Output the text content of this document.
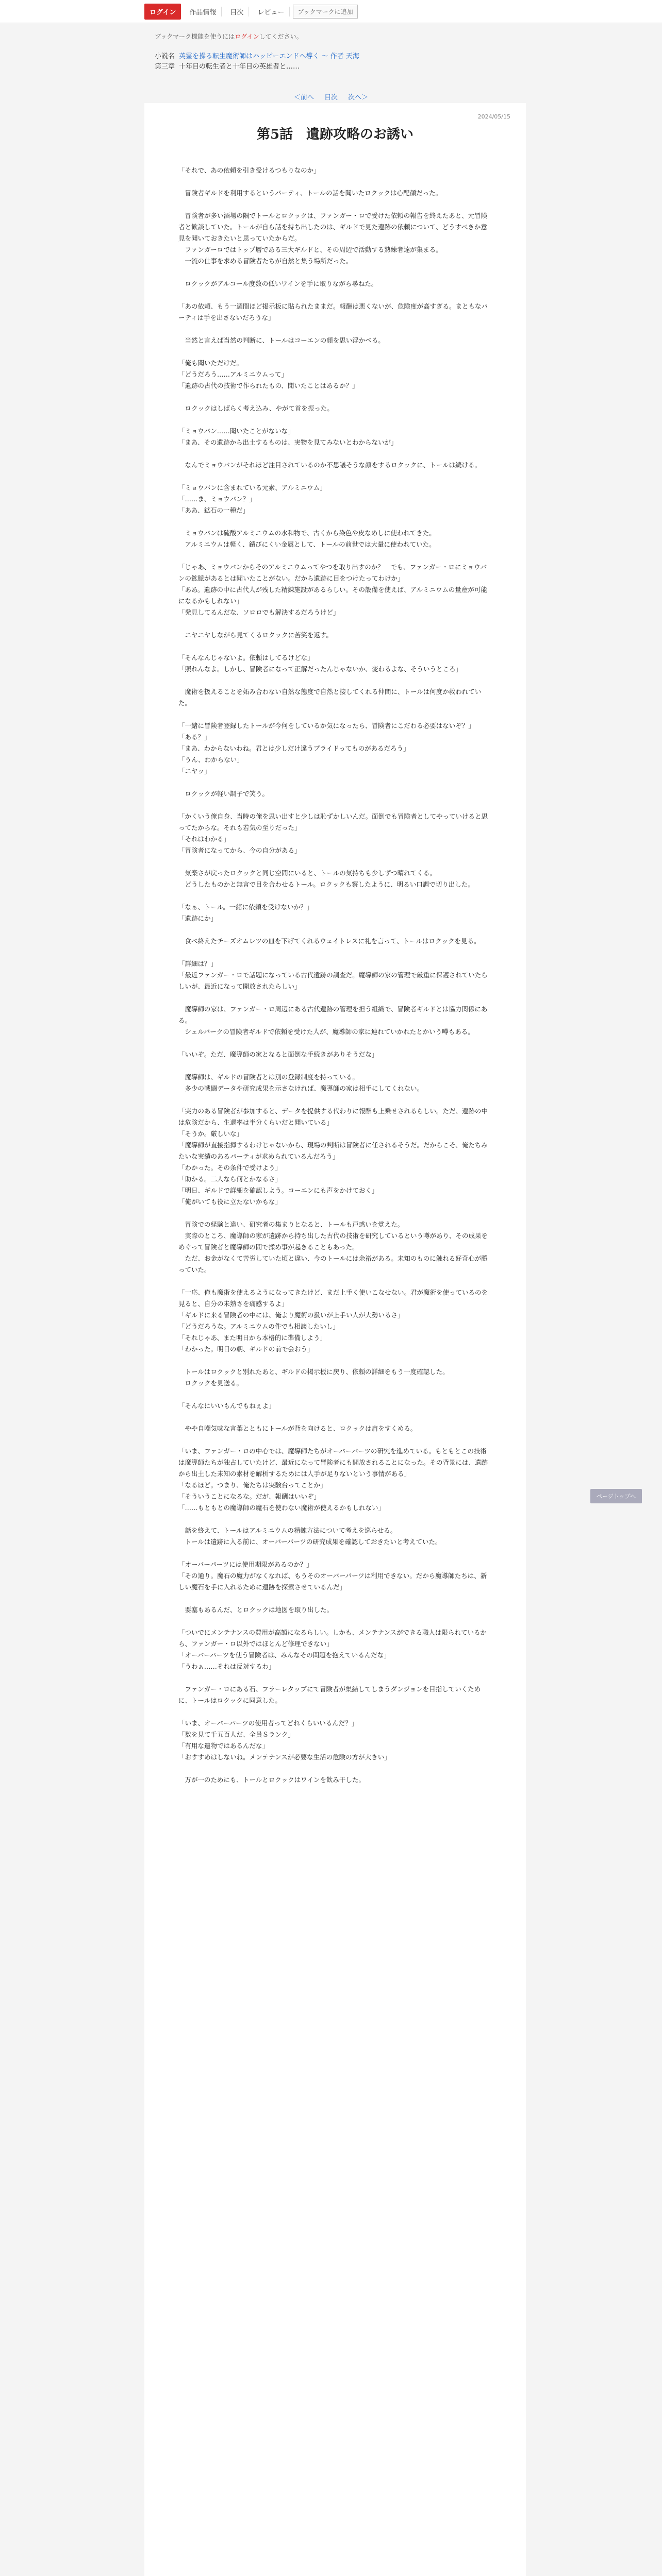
ログイン	作品情報	目次	レビュー	ブックマークに追加
ブックマーク機能を使うにはログインしてください。
小説名 英霊を操る転生魔術師はハッピーエンドへ導く ～ 作者 天海
第三章 十年目の転生者と十年目の英雄者と……
＜前へ 目次 次へ＞
2024/05/15
第5話　遺跡攻略のお誘い

「それで、あの依頼を引き受けるつもりなのか」

　冒険者ギルドを利用するというパーティ、トールの話を聞いたロクックは心配顔だった。

　冒険者が多い酒場の隅でトールとロクックは、ファンガー・ロで受けた依頼の報告を終えたあと、元冒険者と歓談していた。トールが自ら話を持ち出したのは、ギルドで見た遺跡の依頼について、どうすべきか意見を聞いておきたいと思っていたからだ。

　ファンガーロではトップ層である三大ギルドと、その周辺で活動する熟練者達が集まる。

　一流の仕事を求める冒険者たちが自然と集う場所だった。

　ロクックがアルコール度数の低いワインを手に取りながら尋ねた。

「あの依頼、もう一週間ほど掲示板に貼られたままだ。報酬は悪くないが、危険度が高すぎる。まともなパーティは手を出さないだろうな」

　当然と言えば当然の判断に、トールはコーエンの顔を思い浮かべる。

「俺も聞いただけだ。

「どうだろう……アルミニウムって」

「遺跡の古代の技術で作られたもの、聞いたことはあるか？」

　ロクックはしばらく考え込み、やがて首を振った。

「ミョウバン……聞いたことがないな」

「まあ、その遺跡から出土するものは、実物を見てみないとわからないが」

　なんでミョウバンがそれほど注目されているのか不思議そうな顔をするロクックに、トールは続ける。

「ミョウバンに含まれている元素、アルミニウム」

「……ま、ミョウバン？」

「ああ、鉱石の一種だ」

　ミョウバンは硫酸アルミニウムの水和物で、古くから染色や皮なめしに使われてきた。

　アルミニウムは軽く、錆びにくい金属として、トールの前世では大量に使われていた。

「じゃあ、ミョウバンからそのアルミニウムってやつを取り出すのか？　でも、ファンガー・ロにミョウバンの鉱脈があるとは聞いたことがない。だから遺跡に目をつけたってわけか」

「ああ。遺跡の中に古代人が残した精錬施設があるらしい。その設備を使えば、アルミニウムの量産が可能になるかもしれない」

「発見してるんだな、ソロロでも解決するだろうけど」

　ニヤニヤしながら見てくるロクックに苦笑を返す。

「そんなんじゃないよ。依頼はしてるけどな」

「照れんなよ。しかし、冒険者になって正解だったんじゃないか、変わるよな、そういうところ」

　魔術を扱えることを妬み合わない自然な態度で自然と接してくれる仲間に、トールは何度か救われていた。

「一緒に冒険者登録したトールが今何をしているか気になったら、冒険者にこだわる必要はないぞ？」

「ある？」

「まあ、わからないわね。君とは少しだけ違うプライドってものがあるだろう」

「うん、わからない」

「ニヤッ」

　ロクックが軽い調子で笑う。

「かくいう俺自身、当時の俺を思い出すと少しは恥ずかしいんだ。面倒でも冒険者としてやっていけると思ってたからな。それも若気の至りだった」

「それはわかる」

「冒険者になってから、今の自分がある」

　気楽さが戻ったロクックと同じ空間にいると、トールの気持ちも少しずつ晴れてくる。

　どうしたものかと無言で目を合わせるトール。ロクックも察したように、明るい口調で切り出した。

「なぁ、トール。一緒に依頼を受けないか？」

「遺跡にか」

　食べ終えたチーズオムレツの皿を下げてくれるウェイトレスに礼を言って、トールはロクックを見る。

「詳細は？」

「最近ファンガー・ロで話題になっている古代遺跡の調査だ。魔導師の家の管理で厳重に保護されていたらしいが、最近になって開放されたらしい」

　魔導師の家は、ファンガー・ロ周辺にある古代遺跡の管理を担う組織で、冒険者ギルドとは協力関係にある。

　シェルバークの冒険者ギルドで依頼を受けた人が、魔導師の家に連れていかれたとかいう噂もある。

「いいぞ。ただ、魔導師の家となると面倒な手続きがありそうだな」

　魔導師は、ギルドの冒険者とは別の登録制度を持っている。

　多少の戦闘データや研究成果を示さなければ、魔導師の家は相手にしてくれない。

「実力のある冒険者が参加すると、データを提供する代わりに報酬も上乗せされるらしい。ただ、遺跡の中は危険だから、生還率は半分くらいだと聞いている」

「そうか。厳しいな」

「魔導師が直接指揮するわけじゃないから、現場の判断は冒険者に任されるそうだ。だからこそ、俺たちみたいな実績のあるパーティが求められているんだろう」

「わかった。その条件で受けよう」

「助かる。二人なら何とかなるさ」

「明日、ギルドで詳細を確認しよう。コーエンにも声をかけておく」

「俺がいても役に立たないかもな」

　冒険での経験と違い、研究者の集まりとなると、トールも戸惑いを覚えた。

　実際のところ、魔導師の家が遺跡から持ち出した古代の技術を研究しているという噂があり、その成果をめぐって冒険者と魔導師の間で揉め事が起きることもあった。

　ただ、お金がなくて苦労していた頃と違い、今のトールには余裕がある。未知のものに触れる好奇心が勝っていた。

「一応、俺も魔術を使えるようになってきたけど、まだ上手く使いこなせない。君が魔術を使っているのを見ると、自分の未熟さを痛感するよ」

「ギルドに来る冒険者の中には、俺より魔術の扱いが上手い人が大勢いるさ」

「どうだろうな。アルミニウムの件でも相談したいし」

「それじゃあ、また明日から本格的に準備しよう」

「わかった。明日の朝、ギルドの前で会おう」

　トールはロクックと別れたあと、ギルドの掲示板に戻り、依頼の詳細をもう一度確認した。

　ロクックを見送る。

「そんなにいいもんでもねぇよ」

　やや自嘲気味な言葉とともにトールが背を向けると、ロクックは肩をすくめる。

「いま、ファンガー・ロの中心では、魔導師たちがオーバーパーツの研究を進めている。もともとこの技術は魔導師たちが独占していたけど、最近になって冒険者にも開放されることになった。その背景には、遺跡から出土した未知の素材を解析するためには人手が足りないという事情がある」

「なるほど。つまり、俺たちは実験台ってことか」

「そういうことになるな。だが、報酬はいいぞ」

「……もともとの魔導師の魔石を使わない魔術が使えるかもしれない」

　話を終えて、トールはアルミニウムの精錬方法について考えを巡らせる。

　トールは遺跡に入る前に、オーバーパーツの研究成果を確認しておきたいと考えていた。

「オーバーパーツには使用期限があるのか？」

「その通り。魔石の魔力がなくなれば、もうそのオーバーパーツは利用できない。だから魔導師たちは、新しい魔石を手に入れるために遺跡を探索させているんだ」

　要塞もあるんだ、とロクックは地図を取り出した。

「ついでにメンテナンスの費用が高額になるらしい。しかも、メンテナンスができる職人は限られているから、ファンガー・ロ以外ではほとんど修理できない」

「オーバーパーツを使う冒険者は、みんなその問題を抱えているんだな」

「うわぁ……それは反対するわ」

　ファンガー・ロにある石、フラーレタップにて冒険者が集結してしまうダンジョンを目指していくために、トールはロクックに同意した。

「いま、オーバーパーツの使用者ってどれくらいいるんだ？」

「数を見て千五百人だ、全員Ｓランク」

「有用な遺物ではあるんだな」

「おすすめはしないね。メンテナンスが必要な生活の危険の方が大きい」

　万が一のためにも、トールとロクックはワインを飲み干した。

ページトップへ
